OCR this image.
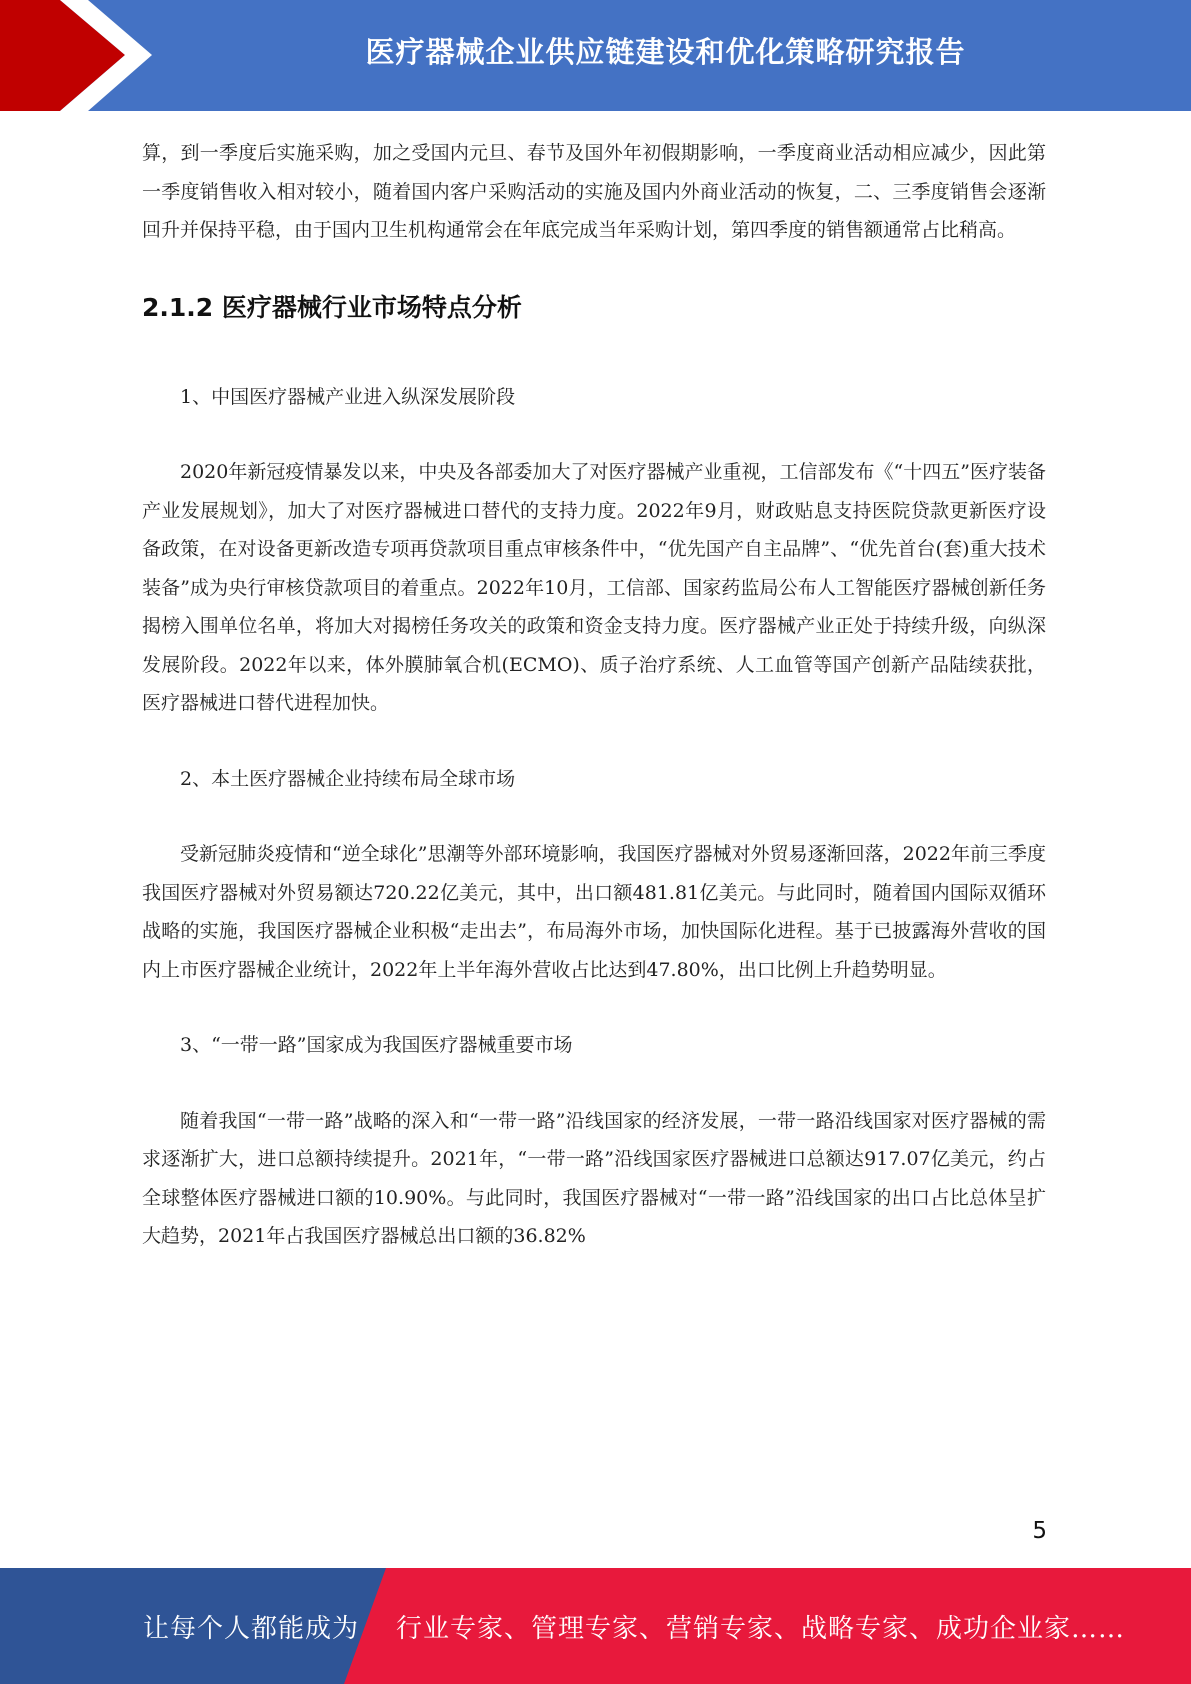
医疗器械企业供应链建设和优化策略研究报告

算，到一季度后实施采购，加之受国内元旦、春节及国外年初假期影响，一季度商业活动相应减少，因此第一季度销售收入相对较小，随着国内客户采购活动的实施及国内外商业活动的恢复，二、三季度销售会逐渐回升并保持平稳，由于国内卫生机构通常会在年底完成当年采购计划，第四季度的销售额通常占比稍高。

2.1.2 医疗器械行业市场特点分析

1、中国医疗器械产业进入纵深发展阶段

2020年新冠疫情暴发以来，中央及各部委加大了对医疗器械产业重视，工信部发布《“十四五”医疗装备产业发展规划》，加大了对医疗器械进口替代的支持力度。2022年9月，财政贴息支持医院贷款更新医疗设备政策，在对设备更新改造专项再贷款项目重点审核条件中，“优先国产自主品牌”、“优先首台(套)重大技术装备”成为央行审核贷款项目的着重点。2022年10月，工信部、国家药监局公布人工智能医疗器械创新任务揭榜入围单位名单，将加大对揭榜任务攻关的政策和资金支持力度。医疗器械产业正处于持续升级，向纵深发展阶段。2022年以来，体外膜肺氧合机(ECMO)、质子治疗系统、人工血管等国产创新产品陆续获批，医疗器械进口替代进程加快。

2、本土医疗器械企业持续布局全球市场

受新冠肺炎疫情和“逆全球化”思潮等外部环境影响，我国医疗器械对外贸易逐渐回落，2022年前三季度我国医疗器械对外贸易额达720.22亿美元，其中，出口额481.81亿美元。与此同时，随着国内国际双循环战略的实施，我国医疗器械企业积极“走出去”，布局海外市场，加快国际化进程。基于已披露海外营收的国内上市医疗器械企业统计，2022年上半年海外营收占比达到47.80%，出口比例上升趋势明显。

3、“一带一路”国家成为我国医疗器械重要市场

随着我国“一带一路”战略的深入和“一带一路”沿线国家的经济发展，一带一路沿线国家对医疗器械的需求逐渐扩大，进口总额持续提升。2021年，“一带一路”沿线国家医疗器械进口总额达917.07亿美元，约占全球整体医疗器械进口额的10.90%。与此同时，我国医疗器械对“一带一路”沿线国家的出口占比总体呈扩大趋势，2021年占我国医疗器械总出口额的36.82%

5
让每个人都能成为 行业专家、管理专家、营销专家、战略专家、成功企业家……
